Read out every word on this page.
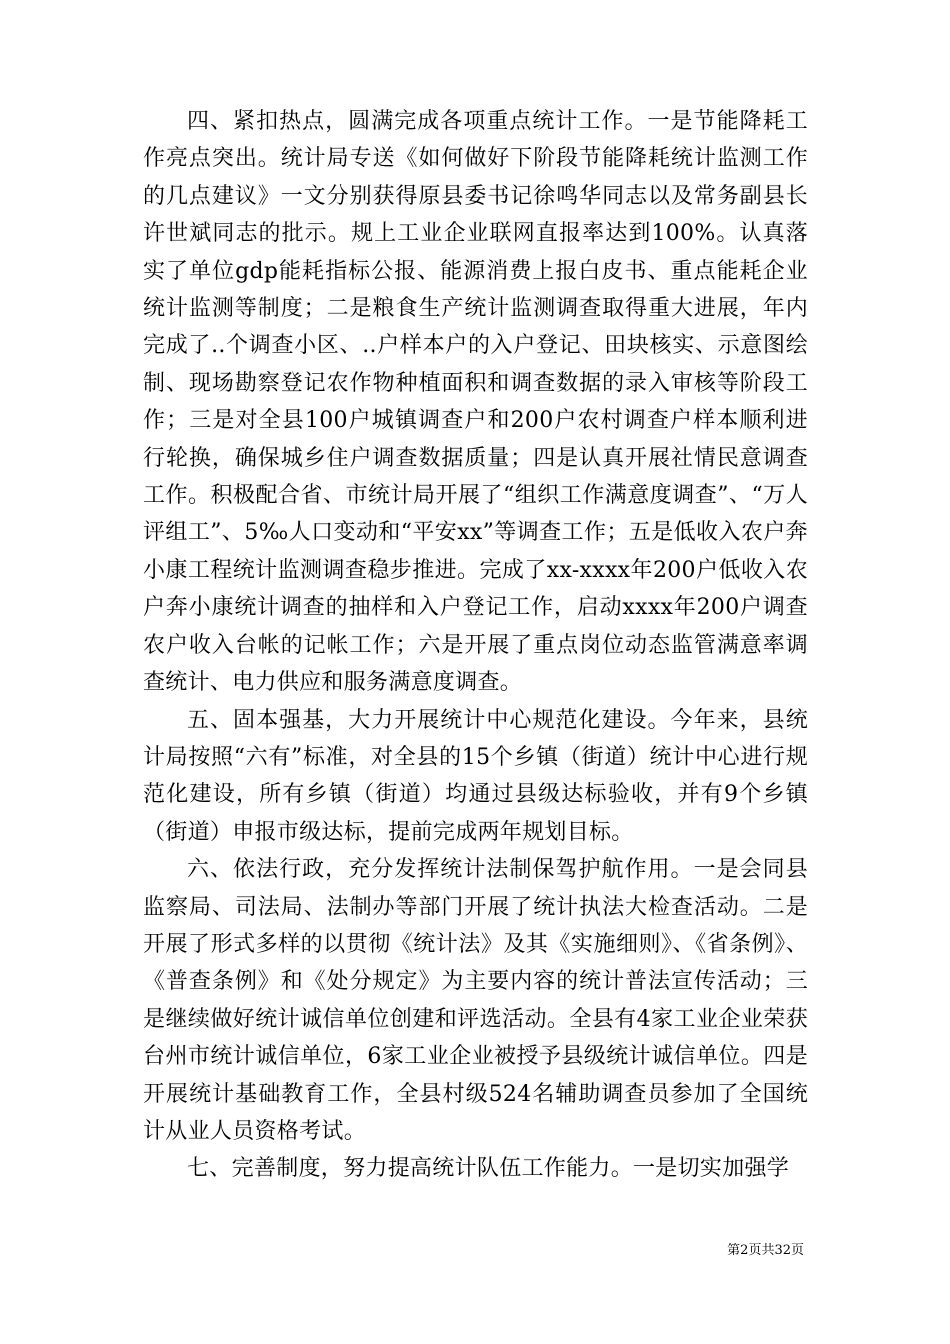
四、紧扣热点，圆满完成各项重点统计工作。一是节能降耗工作亮点突出。统计局专送《如何做好下阶段节能降耗统计监测工作的几点建议》一文分别获得原县委书记徐鸣华同志以及常务副县长许世斌同志的批示。规上工业企业联网直报率达到100%。认真落实了单位gdp能耗指标公报、能源消费上报白皮书、重点能耗企业统计监测等制度；二是粮食生产统计监测调查取得重大进展，年内完成了..个调查小区、..户样本户的入户登记、田块核实、示意图绘制、现场勘察登记农作物种植面积和调查数据的录入审核等阶段工作；三是对全县100户城镇调查户和200户农村调查户样本顺利进行轮换，确保城乡住户调查数据质量；四是认真开展社情民意调查工作。积极配合省、市统计局开展了“组织工作满意度调查”、“万人评组工”、5‰人口变动和“平安xx”等调查工作；五是低收入农户奔小康工程统计监测调查稳步推进。完成了xx-xxxx年200户低收入农户奔小康统计调查的抽样和入户登记工作，启动xxxx年200户调查农户收入台帐的记帐工作；六是开展了重点岗位动态监管满意率调查统计、电力供应和服务满意度调查。

五、固本强基，大力开展统计中心规范化建设。今年来，县统计局按照“六有”标准，对全县的15个乡镇（街道）统计中心进行规范化建设，所有乡镇（街道）均通过县级达标验收，并有9个乡镇（街道）申报市级达标，提前完成两年规划目标。

六、依法行政，充分发挥统计法制保驾护航作用。一是会同县监察局、司法局、法制办等部门开展了统计执法大检查活动。二是开展了形式多样的以贯彻《统计法》及其《实施细则》、《省条例》、《普查条例》和《处分规定》为主要内容的统计普法宣传活动；三是继续做好统计诚信单位创建和评选活动。全县有4家工业企业荣获台州市统计诚信单位，6家工业企业被授予县级统计诚信单位。四是开展统计基础教育工作，全县村级524名辅助调查员参加了全国统计从业人员资格考试。

七、完善制度，努力提高统计队伍工作能力。一是切实加强学

第2页共32页
